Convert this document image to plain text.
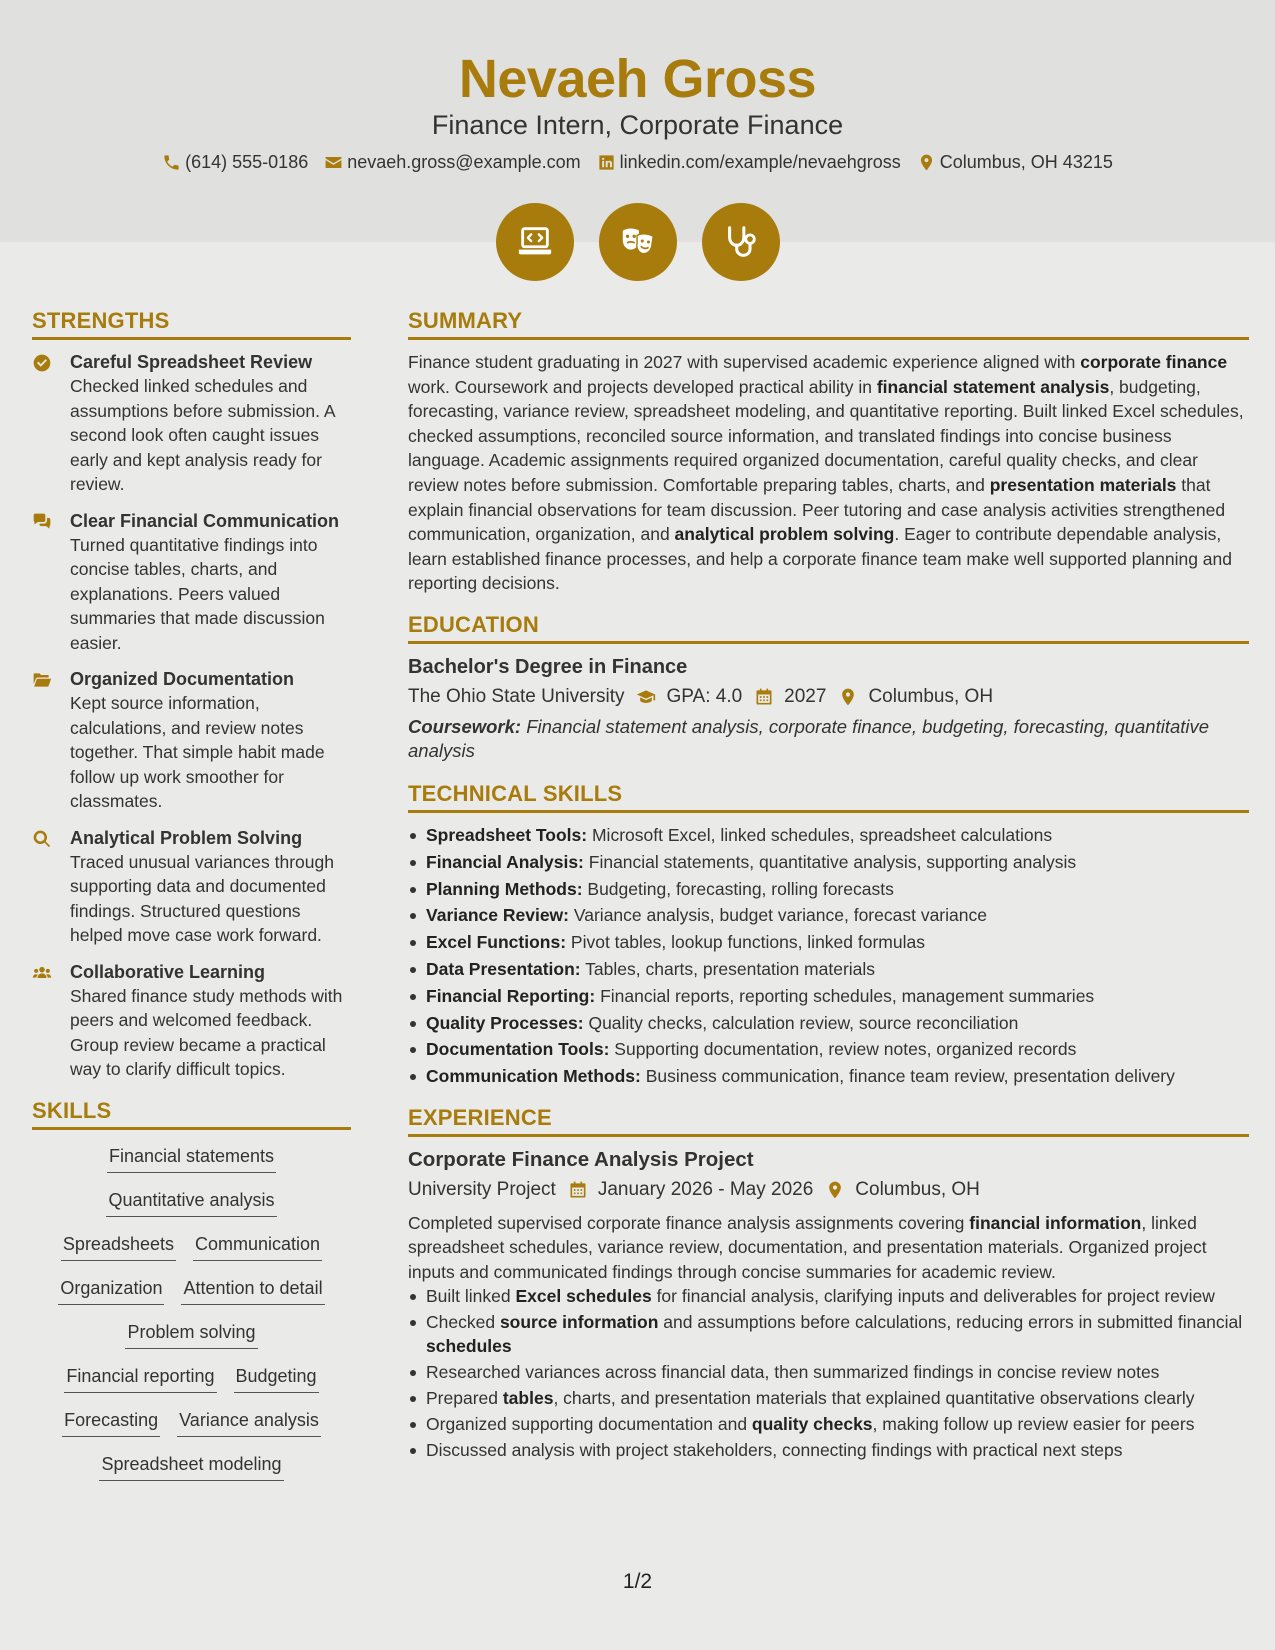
Nevaeh Gross
Finance Intern, Corporate Finance
(614) 555-0186 nevaeh.gross@example.com linkedin.com/example/nevaehgross Columbus, OH 43215
STRENGTHS
Careful Spreadsheet Review
Checked linked schedules and assumptions before submission. A second look often caught issues early and kept analysis ready for review.
Clear Financial Communication
Turned quantitative findings into concise tables, charts, and explanations. Peers valued summaries that made discussion easier.
Organized Documentation
Kept source information, calculations, and review notes together. That simple habit made follow up work smoother for classmates.
Analytical Problem Solving
Traced unusual variances through supporting data and documented findings. Structured questions helped move case work forward.
Collaborative Learning
Shared finance study methods with peers and welcomed feedback. Group review became a practical way to clarify difficult topics.
SKILLS
Financial statements
Quantitative analysis
Spreadsheets Communication
Organization Attention to detail
Problem solving
Financial reporting Budgeting
Forecasting Variance analysis
Spreadsheet modeling
SUMMARY
Finance student graduating in 2027 with supervised academic experience aligned with corporate finance work. Coursework and projects developed practical ability in financial statement analysis, budgeting, forecasting, variance review, spreadsheet modeling, and quantitative reporting. Built linked Excel schedules, checked assumptions, reconciled source information, and translated findings into concise business language. Academic assignments required organized documentation, careful quality checks, and clear review notes before submission. Comfortable preparing tables, charts, and presentation materials that explain financial observations for team discussion. Peer tutoring and case analysis activities strengthened communication, organization, and analytical problem solving. Eager to contribute dependable analysis, learn established finance processes, and help a corporate finance team make well supported planning and reporting decisions.
EDUCATION
Bachelor's Degree in Finance
The Ohio State University GPA: 4.0 2027 Columbus, OH
Coursework: Financial statement analysis, corporate finance, budgeting, forecasting, quantitative analysis
TECHNICAL SKILLS
Spreadsheet Tools: Microsoft Excel, linked schedules, spreadsheet calculations
Financial Analysis: Financial statements, quantitative analysis, supporting analysis
Planning Methods: Budgeting, forecasting, rolling forecasts
Variance Review: Variance analysis, budget variance, forecast variance
Excel Functions: Pivot tables, lookup functions, linked formulas
Data Presentation: Tables, charts, presentation materials
Financial Reporting: Financial reports, reporting schedules, management summaries
Quality Processes: Quality checks, calculation review, source reconciliation
Documentation Tools: Supporting documentation, review notes, organized records
Communication Methods: Business communication, finance team review, presentation delivery
EXPERIENCE
Corporate Finance Analysis Project
University Project January 2026 - May 2026 Columbus, OH
Completed supervised corporate finance analysis assignments covering financial information, linked spreadsheet schedules, variance review, documentation, and presentation materials. Organized project inputs and communicated findings through concise summaries for academic review.
Built linked Excel schedules for financial analysis, clarifying inputs and deliverables for project review
Checked source information and assumptions before calculations, reducing errors in submitted financial schedules
Researched variances across financial data, then summarized findings in concise review notes
Prepared tables, charts, and presentation materials that explained quantitative observations clearly
Organized supporting documentation and quality checks, making follow up review easier for peers
Discussed analysis with project stakeholders, connecting findings with practical next steps
1/2
